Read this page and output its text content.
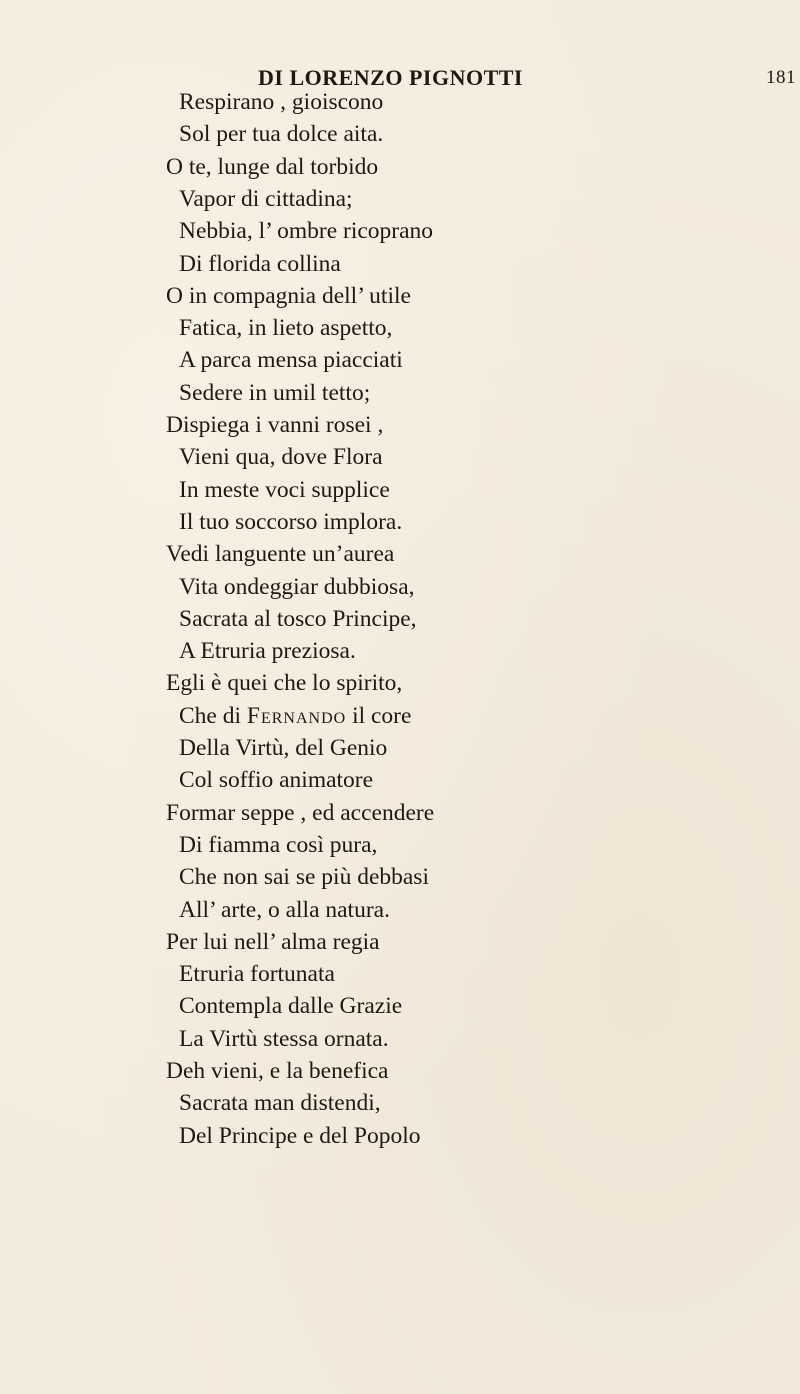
DI LORENZO PIGNOTTI	181
Respirano , gioiscono
Sol per tua dolce aita.
O te, lunge dal torbido
Vapor di cittadina;
Nebbia, l’ ombre ricoprano
Di florida collina
O in compagnia dell’ utile
Fatica, in lieto aspetto,
A parca mensa piacciati
Sedere in umil tetto;
Dispiega i vanni rosei ,
Vieni qua, dove Flora
In meste voci supplice
Il tuo soccorso implora.
Vedi languente un’aurea
Vita ondeggiar dubbiosa,
Sacrata al tosco Principe,
A Etruria preziosa.
Egli è quei che lo spirito,
Che di Fernando il core
Della Virtù, del Genio
Col soffio animatore
Formar seppe , ed accendere
Di fiamma così pura,
Che non sai se più debbasi
All’ arte, o alla natura.
Per lui nell’ alma regia
Etruria fortunata
Contempla dalle Grazie
La Virtù stessa ornata.
Deh vieni, e la benefica
Sacrata man distendi,
Del Principe e del Popolo
